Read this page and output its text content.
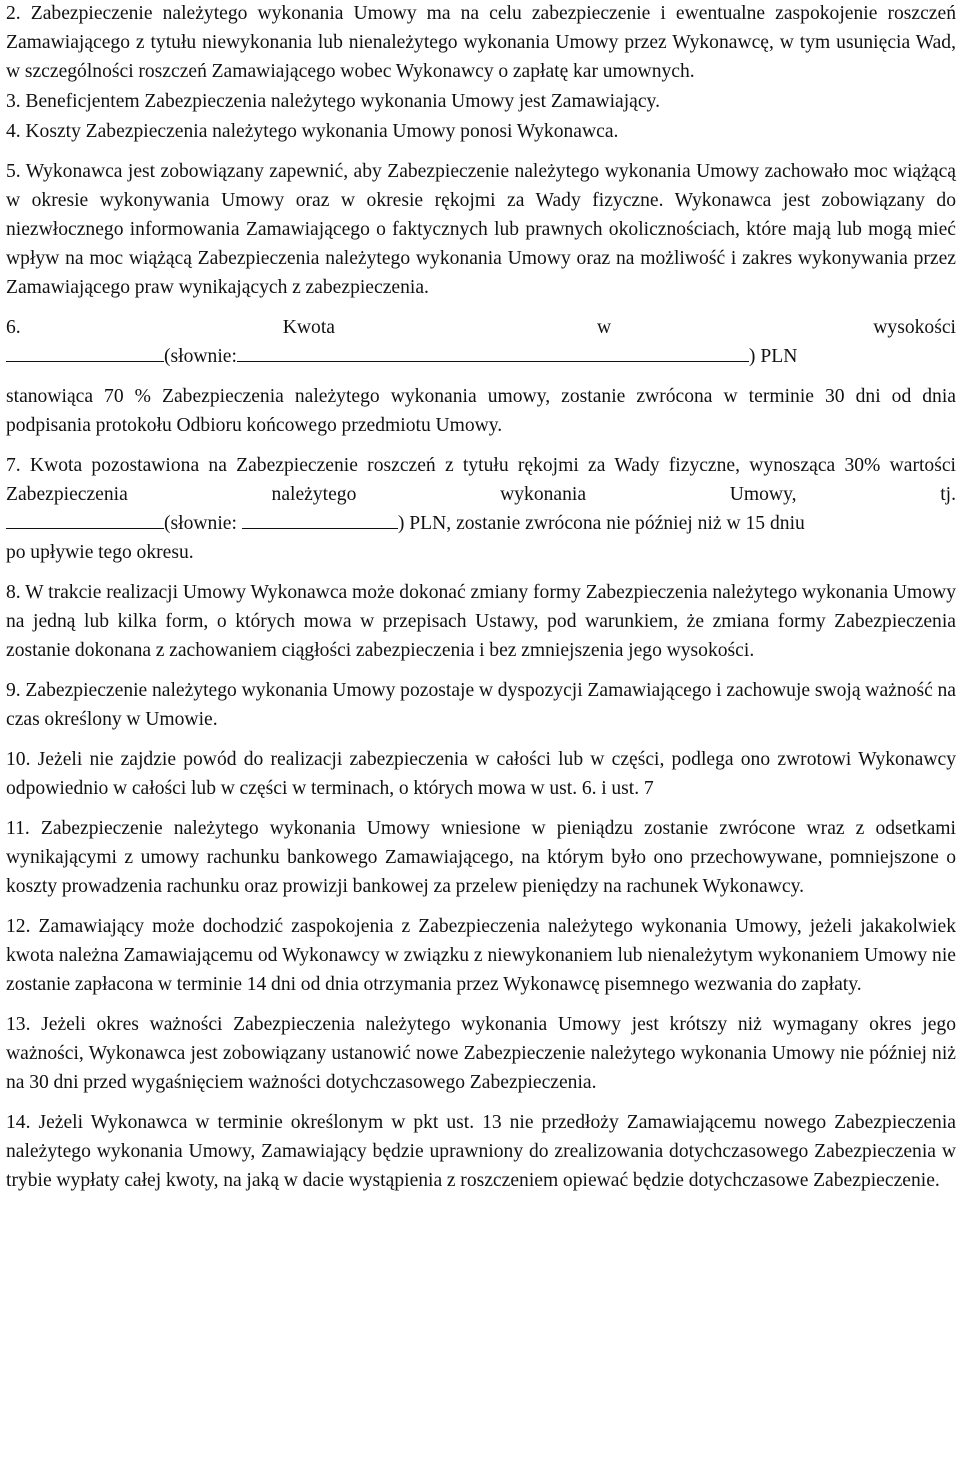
2. Zabezpieczenie należytego wykonania Umowy ma na celu zabezpieczenie i ewentualne zaspokojenie roszczeń Zamawiającego z tytułu niewykonania lub nienależytego wykonania Umowy przez Wykonawcę, w tym usunięcia Wad, w szczególności roszczeń Zamawiającego wobec Wykonawcy o zapłatę kar umownych.

3. Beneficjentem Zabezpieczenia należytego wykonania Umowy jest Zamawiający.

4. Koszty Zabezpieczenia należytego wykonania Umowy ponosi Wykonawca.

5. Wykonawca jest zobowiązany zapewnić, aby Zabezpieczenie należytego wykonania Umowy zachowało moc wiążącą w okresie wykonywania Umowy oraz w okresie rękojmi za Wady fizyczne. Wykonawca jest zobowiązany do niezwłocznego informowania Zamawiającego o faktycznych lub prawnych okolicznościach, które mają lub mogą mieć wpływ na moc wiążącą Zabezpieczenia należytego wykonania Umowy oraz na możliwość i zakres wykonywania przez Zamawiającego praw wynikających z zabezpieczenia.

6.	Kwota	w	wysokości
(słownie:	) PLN

stanowiąca 70 % Zabezpieczenia należytego wykonania umowy, zostanie zwrócona w terminie 30 dni od dnia podpisania protokołu Odbioru końcowego przedmiotu Umowy.

7. Kwota pozostawiona na Zabezpieczenie roszczeń z tytułu rękojmi za Wady fizyczne, wynosząca 30% wartości Zabezpieczenia należytego wykonania Umowy, tj.

(słownie:	) PLN, zostanie zwrócona nie później niż w 15 dniu

po upływie tego okresu.

8. W trakcie realizacji Umowy Wykonawca może dokonać zmiany formy Zabezpieczenia należytego wykonania Umowy na jedną lub kilka form, o których mowa w przepisach Ustawy, pod warunkiem, że zmiana formy Zabezpieczenia zostanie dokonana z zachowaniem ciągłości zabezpieczenia i bez zmniejszenia jego wysokości.

9. Zabezpieczenie należytego wykonania Umowy pozostaje w dyspozycji Zamawiającego i zachowuje swoją ważność na czas określony w Umowie.

10. Jeżeli nie zajdzie powód do realizacji zabezpieczenia w całości lub w części, podlega ono zwrotowi Wykonawcy odpowiednio w całości lub w części w terminach, o których mowa w ust. 6. i ust. 7

11. Zabezpieczenie należytego wykonania Umowy wniesione w pieniądzu zostanie zwrócone wraz z odsetkami wynikającymi z umowy rachunku bankowego Zamawiającego, na którym było ono przechowywane, pomniejszone o koszty prowadzenia rachunku oraz prowizji bankowej za przelew pieniędzy na rachunek Wykonawcy.

12. Zamawiający może dochodzić zaspokojenia z Zabezpieczenia należytego wykonania Umowy, jeżeli jakakolwiek kwota należna Zamawiającemu od Wykonawcy w związku z niewykonaniem lub nienależytym wykonaniem Umowy nie zostanie zapłacona w terminie 14 dni od dnia otrzymania przez Wykonawcę pisemnego wezwania do zapłaty.

13. Jeżeli okres ważności Zabezpieczenia należytego wykonania Umowy jest krótszy niż wymagany okres jego ważności, Wykonawca jest zobowiązany ustanowić nowe Zabezpieczenie należytego wykonania Umowy nie później niż na 30 dni przed wygaśnięciem ważności dotychczasowego Zabezpieczenia.

14. Jeżeli Wykonawca w terminie określonym w pkt ust. 13 nie przedłoży Zamawiającemu nowego Zabezpieczenia należytego wykonania Umowy, Zamawiający będzie uprawniony do zrealizowania dotychczasowego Zabezpieczenia w trybie wypłaty całej kwoty, na jaką w dacie wystąpienia z roszczeniem opiewać będzie dotychczasowe Zabezpieczenie.
